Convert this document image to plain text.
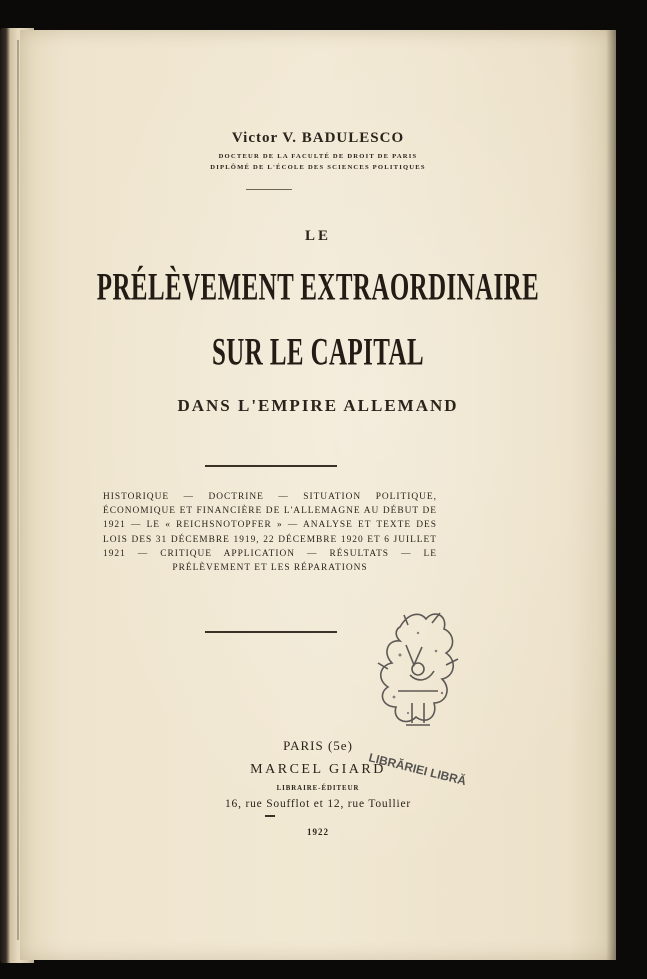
Victor V. BADULESCO
DOCTEUR DE LA FACULTÉ DE DROIT DE PARIS
DIPLÔMÉ DE L'ÉCOLE DES SCIENCES POLITIQUES
LE
PRÉLÈVEMENT EXTRAORDINAIRE
SUR LE CAPITAL
DANS L'EMPIRE ALLEMAND
HISTORIQUE — DOCTRINE — SITUATION POLITIQUE, ÉCONOMIQUE ET FINANCIÈRE DE L'ALLEMAGNE AU DÉBUT DE 1921 — LE « REICHSNOTOPFER » — ANALYSE ET TEXTE DES LOIS DES 31 DÉCEMBRE 1919, 22 DÉCEMBRE 1920 ET 6 JUILLET 1921 — CRITIQUE APPLICATION — RÉSULTATS — LE PRÉLÈVEMENT ET LES RÉPARATIONS
PARIS (5e)
MARCEL GIARD
LIBRAIRE-ÉDITEUR
16, rue Soufflot et 12, rue Toullier
1922
LIBRĂRIEI LIBRĂ
